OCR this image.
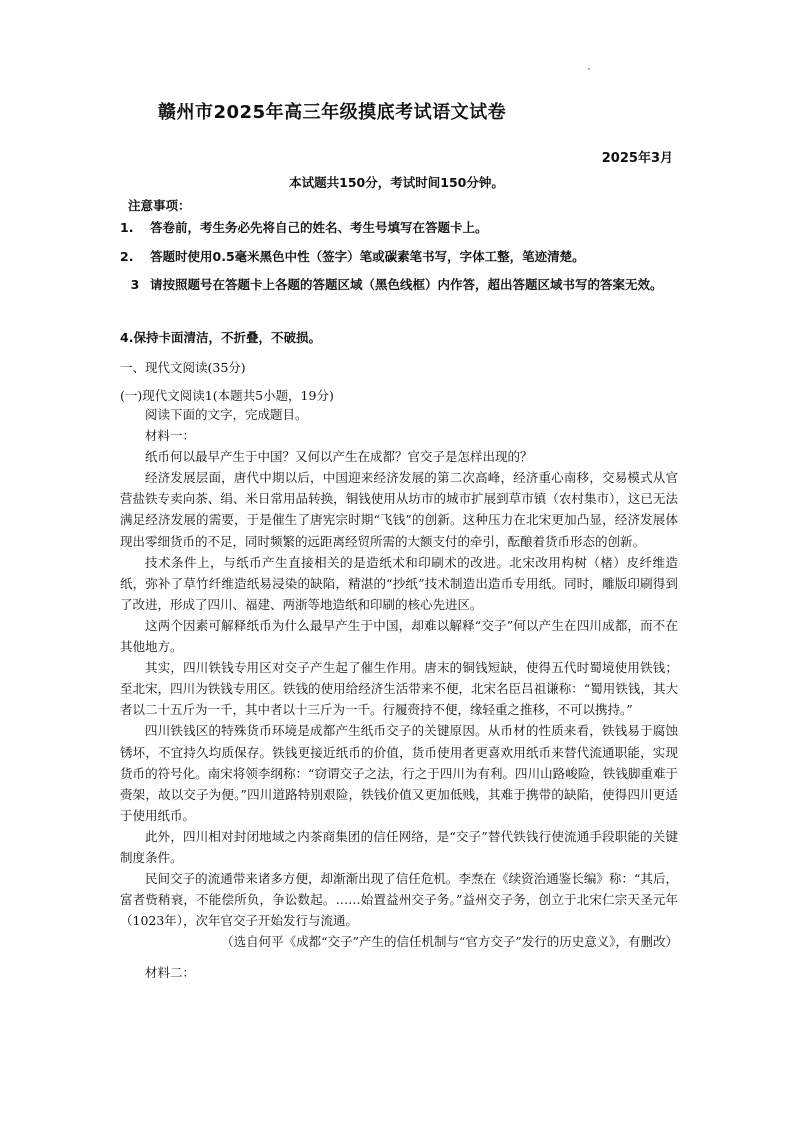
赣州市2025年高三年级摸底考试语文试卷
2025年3月
本试题共150分，考试时间150分钟。
注意事项：
1. 答卷前，考生务必先将自己的姓名、考生号填写在答题卡上。
2. 答题时使用0.5毫米黑色中性（签字）笔或碳素笔书写，字体工整，笔迹清楚。
3 请按照题号在答题卡上各题的答题区域（黑色线框）内作答，超出答题区域书写的答案无效。
4.保持卡面清洁，不折叠，不破损。
一、现代文阅读(35分)
(一)现代文阅读1(本题共5小题，19分)

阅读下面的文字，完成题目。

材料一：

纸币何以最早产生于中国？又何以产生在成都？官交子是怎样出现的？

经济发展层面，唐代中期以后，中国迎来经济发展的第二次高峰，经济重心南移，交易模式从官营盐铁专卖向茶、绢、米日常用品转换，铜钱使用从坊市的城市扩展到草市镇（农村集市），这已无法满足经济发展的需要，于是催生了唐宪宗时期“飞钱”的创新。这种压力在北宋更加凸显，经济发展体现出零细货币的不足，同时频繁的远距离经贸所需的大额支付的牵引，酝酿着货币形态的创新。

技术条件上，与纸币产生直接相关的是造纸术和印刷术的改进。北宋改用构树（楮）皮纤维造纸，弥补了草竹纤维造纸易浸染的缺陷，精湛的“抄纸”技术制造出造币专用纸。同时，雕版印刷得到了改进，形成了四川、福建、两浙等地造纸和印刷的核心先进区。

这两个因素可解释纸币为什么最早产生于中国，却难以解释“交子”何以产生在四川成都，而不在其他地方。

其实，四川铁钱专用区对交子产生起了催生作用。唐末的铜钱短缺，使得五代时蜀境使用铁钱；至北宋，四川为铁钱专用区。铁钱的使用给经济生活带来不便，北宋名臣吕祖谦称：“蜀用铁钱，其大者以二十五斤为一千，其中者以十三斤为一千。行履赍持不便，缘轻重之推移，不可以携持。”

四川铁钱区的特殊货币环境是成都产生纸币交子的关键原因。从币材的性质来看，铁钱易于腐蚀锈坏，不宜持久均质保存。铁钱更接近纸币的价值，货币使用者更喜欢用纸币来替代流通职能，实现货币的符号化。南宋将领李纲称：“窃谓交子之法，行之于四川为有利。四川山路峻险，铁钱脚重难于赍架，故以交子为便。”四川道路特别艰险，铁钱价值又更加低贱，其难于携带的缺陷，使得四川更适于使用纸币。

此外，四川相对封闭地域之内茶商集团的信任网络，是“交子”替代铁钱行使流通手段职能的关键制度条件。

民间交子的流通带来诸多方便，却渐渐出现了信任危机。李焘在《续资治通鉴长编》称：“其后，富者赀稍衰，不能偿所负，争讼数起。……始置益州交子务。”益州交子务，创立于北宋仁宗天圣元年（1023年），次年官交子开始发行与流通。

（选自何平《成都“交子”产生的信任机制与“官方交子”发行的历史意义》，有删改）

材料二：
